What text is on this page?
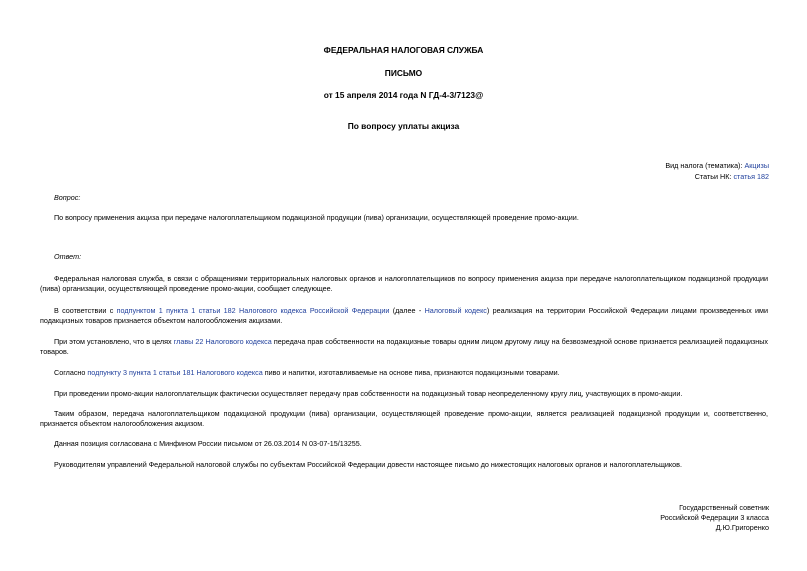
ФЕДЕРАЛЬНАЯ НАЛОГОВАЯ СЛУЖБА
ПИСЬМО
от 15 апреля 2014 года N ГД-4-3/7123@
По вопросу уплаты акциза
Вид налога (тематика): Акцизы
Статьи НК: статья 182
Вопрос:
По вопросу применения акциза при передаче налогоплательщиком подакцизной продукции (пива) организации, осуществляющей проведение промо-акции.
Ответ:
Федеральная налоговая служба, в связи с обращениями территориальных налоговых органов и налогоплательщиков по вопросу применения акциза при передаче налогоплательщиком подакцизной продукции (пива) организации, осуществляющей проведение промо-акции, сообщает следующее.
В соответствии с подпунктом 1 пункта 1 статьи 182 Налогового кодекса Российской Федерации (далее - Налоговый кодекс) реализация на территории Российской Федерации лицами произведенных ими подакцизных товаров признается объектом налогообложения акцизами.
При этом установлено, что в целях главы 22 Налогового кодекса передача прав собственности на подакцизные товары одним лицом другому лицу на безвозмездной основе признается реализацией подакцизных товаров.
Согласно подпункту 3 пункта 1 статьи 181 Налогового кодекса пиво и напитки, изготавливаемые на основе пива, признаются подакцизными товарами.
При проведении промо-акции налогоплательщик фактически осуществляет передачу прав собственности на подакцизный товар неопределенному кругу лиц, участвующих в промо-акции.
Таким образом, передача налогоплательщиком подакцизной продукции (пива) организации, осуществляющей проведение промо-акции, является реализацией подакцизной продукции и, соответственно, признается объектом налогообложения акцизом.
Данная позиция согласована с Минфином России письмом от 26.03.2014 N 03-07-15/13255.
Руководителям управлений Федеральной налоговой службы по субъектам Российской Федерации довести настоящее письмо до нижестоящих налоговых органов и налогоплательщиков.
Государственный советник
Российской Федерации 3 класса
Д.Ю.Григоренко
